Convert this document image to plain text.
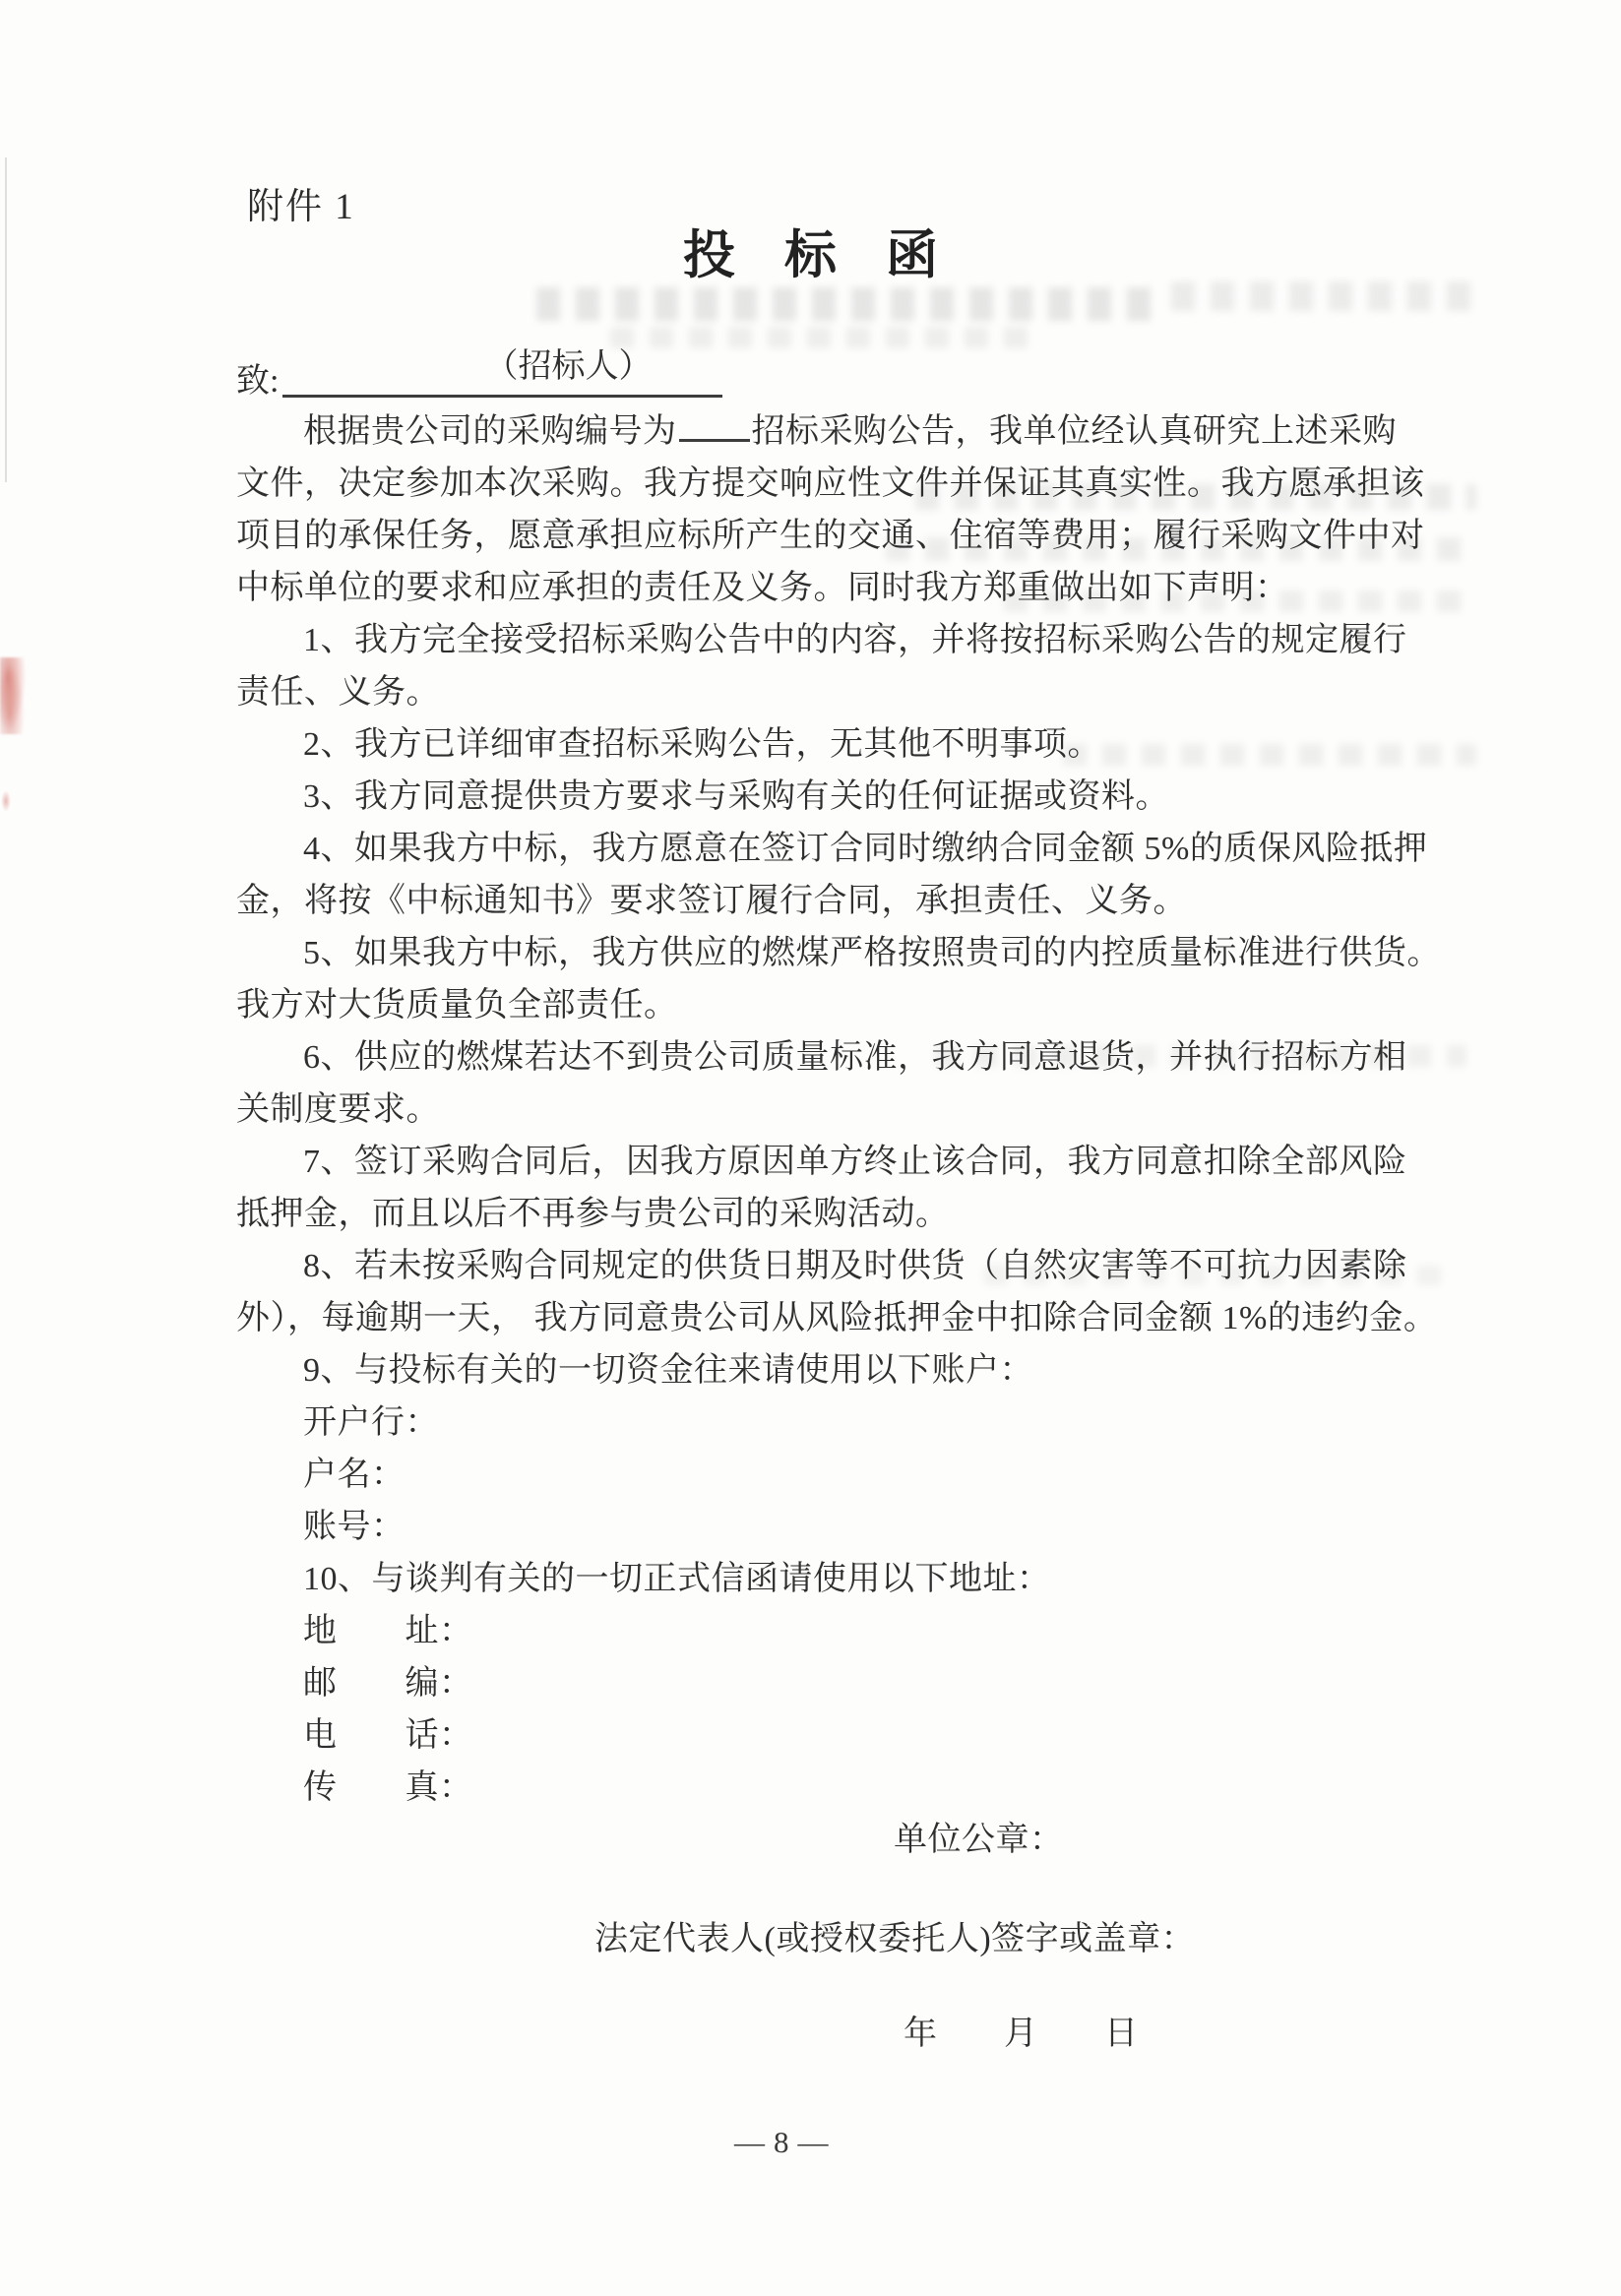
附件 1
投标函
致:	（招标人）
根据贵公司的采购编号为 招标采购公告，我单位经认真研究上述采购
文件，决定参加本次采购。我方提交响应性文件并保证其真实性。我方愿承担该
项目的承保任务，愿意承担应标所产生的交通、住宿等费用；履行采购文件中对
中标单位的要求和应承担的责任及义务。同时我方郑重做出如下声明：
1、我方完全接受招标采购公告中的内容，并将按招标采购公告的规定履行
责任、义务。
2、我方已详细审查招标采购公告，无其他不明事项。
3、我方同意提供贵方要求与采购有关的任何证据或资料。
4、如果我方中标，我方愿意在签订合同时缴纳合同金额 5%的质保风险抵押
金，将按《中标通知书》要求签订履行合同，承担责任、义务。
5、如果我方中标，我方供应的燃煤严格按照贵司的内控质量标准进行供货。
我方对大货质量负全部责任。
6、供应的燃煤若达不到贵公司质量标准，我方同意退货，并执行招标方相
关制度要求。
7、签订采购合同后，因我方原因单方终止该合同，我方同意扣除全部风险
抵押金，而且以后不再参与贵公司的采购活动。
8、若未按采购合同规定的供货日期及时供货（自然灾害等不可抗力因素除
外），每逾期一天， 我方同意贵公司从风险抵押金中扣除合同金额 1%的违约金。
9、与投标有关的一切资金往来请使用以下账户：
开户行：
户名：
账号：
10、与谈判有关的一切正式信函请使用以下地址：
地　　址：
邮　　编：
电　　话：
传　　真：
单位公章：
法定代表人(或授权委托人)签字或盖章：
年　　月　　日
—8—
